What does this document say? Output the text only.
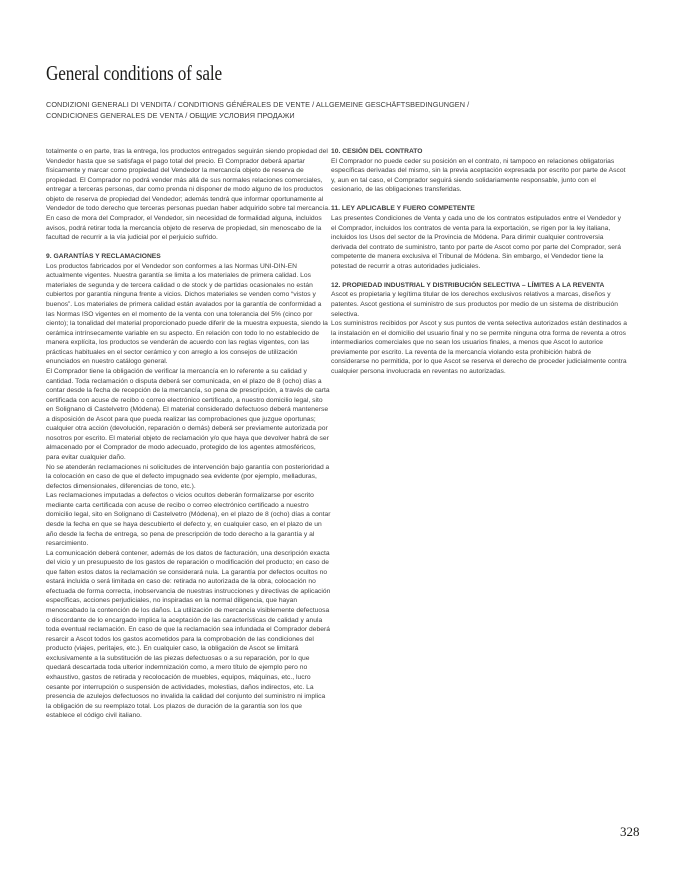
General conditions of sale
CONDIZIONI GENERALI DI VENDITA / CONDITIONS GÉNÉRALES DE VENTE / ALLGEMEINE GESCHÄFTSBEDINGUNGEN /
CONDICIONES GENERALES DE VENTA / ОБЩИЕ УСЛОВИЯ ПРОДАЖИ

totalmente o en parte, tras la entrega, los productos entregados seguirán siendo propiedad del Vendedor hasta que se satisfaga el pago total del precio. El Comprador deberá apartar físicamente y marcar como propiedad del Vendedor la mercancía objeto de reserva de propiedad. El Comprador no podrá vender más allá de sus normales relaciones comerciales, entregar a terceras personas, dar como prenda ni disponer de modo alguno de los productos objeto de reserva de propiedad del Vendedor; además tendrá que informar oportunamente al Vendedor de todo derecho que terceras personas puedan haber adquirido sobre tal mercancía. En caso de mora del Comprador, el Vendedor, sin necesidad de formalidad alguna, incluidos avisos, podrá retirar toda la mercancía objeto de reserva de propiedad, sin menoscabo de la facultad de recurrir a la vía judicial por el perjuicio sufrido.

9. GARANTÍAS Y RECLAMACIONES

Los productos fabricados por el Vendedor son conformes a las Normas UNI-DIN-EN actualmente vigentes. Nuestra garantía se limita a los materiales de primera calidad. Los materiales de segunda y de tercera calidad o de stock y de partidas ocasionales no están cubiertos por garantía ninguna frente a vicios. Dichos materiales se venden como “vistos y buenos”. Los materiales de primera calidad están avalados por la garantía de conformidad a las Normas ISO vigentes en el momento de la venta con una tolerancia del 5% (cinco por ciento); la tonalidad del material proporcionado puede diferir de la muestra expuesta, siendo la cerámica intrínsecamente variable en su aspecto. En relación con todo lo no establecido de manera explícita, los productos se venderán de acuerdo con las reglas vigentes, con las prácticas habituales en el sector cerámico y con arreglo a los consejos de utilización enunciados en nuestro catálogo general.

El Comprador tiene la obligación de verificar la mercancía en lo referente a su calidad y cantidad. Toda reclamación o disputa deberá ser comunicada, en el plazo de 8 (ocho) días a contar desde la fecha de recepción de la mercancía, so pena de prescripción, a través de carta certificada con acuse de recibo o correo electrónico certificado, a nuestro domicilio legal, sito en Solignano di Castelvetro (Módena). El material considerado defectuoso deberá mantenerse a disposición de Ascot para que pueda realizar las comprobaciones que juzgue oportunas; cualquier otra acción (devolución, reparación o demás) deberá ser previamente autorizada por nosotros por escrito. El material objeto de reclamación y/o que haya que devolver habrá de ser almacenado por el Comprador de modo adecuado, protegido de los agentes atmosféricos, para evitar cualquier daño.

No se atenderán reclamaciones ni solicitudes de intervención bajo garantía con posterioridad a la colocación en caso de que el defecto impugnado sea evidente (por ejemplo, melladuras, defectos dimensionales, diferencias de tono, etc.).

Las reclamaciones imputadas a defectos o vicios ocultos deberán formalizarse por escrito mediante carta certificada con acuse de recibo o correo electrónico certificado a nuestro domicilio legal, sito en Solignano di Castelvetro (Módena), en el plazo de 8 (ocho) días a contar desde la fecha en que se haya descubierto el defecto y, en cualquier caso, en el plazo de un año desde la fecha de entrega, so pena de prescripción de todo derecho a la garantía y al resarcimiento.

La comunicación deberá contener, además de los datos de facturación, una descripción exacta del vicio y un presupuesto de los gastos de reparación o modificación del producto; en caso de que falten estos datos la reclamación se considerará nula. La garantía por defectos ocultos no estará incluida o será limitada en caso de: retirada no autorizada de la obra, colocación no efectuada de forma correcta, inobservancia de nuestras instrucciones y directivas de aplicación específicas, acciones perjudiciales, no inspiradas en la normal diligencia, que hayan menoscabado la contención de los daños. La utilización de mercancía visiblemente defectuosa o discordante de lo encargado implica la aceptación de las características de calidad y anula toda eventual reclamación. En caso de que la reclamación sea infundada el Comprador deberá resarcir a Ascot todos los gastos acometidos para la comprobación de las condiciones del producto (viajes, peritajes, etc.). En cualquier caso, la obligación de Ascot se limitará exclusivamente a la substitución de las piezas defectuosas o a su reparación, por lo que quedará descartada toda ulterior indemnización como, a mero título de ejemplo pero no exhaustivo, gastos de retirada y recolocación de muebles, equipos, máquinas, etc., lucro cesante por interrupción o suspensión de actividades, molestias, daños indirectos, etc. La presencia de azulejos defectuosos no invalida la calidad del conjunto del suministro ni implica la obligación de su reemplazo total. Los plazos de duración de la garantía son los que establece el código civil italiano.

10. CESIÓN DEL CONTRATO

El Comprador no puede ceder su posición en el contrato, ni tampoco en relaciones obligatorias específicas derivadas del mismo, sin la previa aceptación expresada por escrito por parte de Ascot y, aun en tal caso, el Comprador seguirá siendo solidariamente responsable, junto con el cesionario, de las obligaciones transferidas.

11. LEY APLICABLE Y FUERO COMPETENTE

Las presentes Condiciones de Venta y cada uno de los contratos estipulados entre el Vendedor y el Comprador, incluidos los contratos de venta para la exportación, se rigen por la ley italiana, incluidos los Usos del sector de la Provincia de Módena. Para dirimir cualquier controversia derivada del contrato de suministro, tanto por parte de Ascot como por parte del Comprador, será competente de manera exclusiva el Tribunal de Módena. Sin embargo, el Vendedor tiene la potestad de recurrir a otras autoridades judiciales.

12. PROPIEDAD INDUSTRIAL Y DISTRIBUCIÓN SELECTIVA – LÍMITES A LA REVENTA

Ascot es propietaria y legítima titular de los derechos exclusivos relativos a marcas, diseños y patentes. Ascot gestiona el suministro de sus productos por medio de un sistema de distribución selectiva.

Los suministros recibidos por Ascot y sus puntos de venta selectiva autorizados están destinados a la instalación en el domicilio del usuario final y no se permite ninguna otra forma de reventa a otros intermediarios comerciales que no sean los usuarios finales, a menos que Ascot lo autorice previamente por escrito. La reventa de la mercancía violando esta prohibición habrá de considerarse no permitida, por lo que Ascot se reserva el derecho de proceder judicialmente contra cualquier persona involucrada en reventas no autorizadas.

328
